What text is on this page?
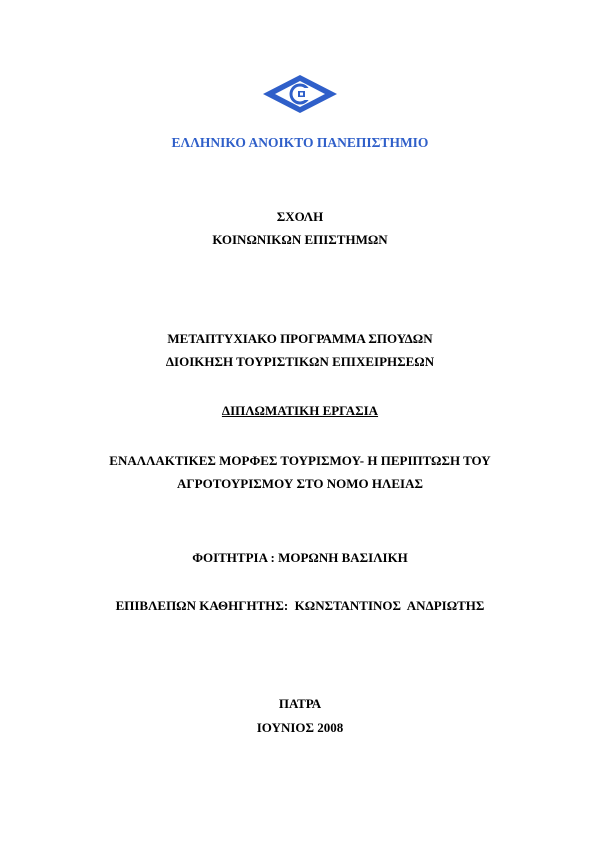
ΕΛΛΗΝΙΚΟ ΑΝΟΙΚΤΟ ΠΑΝΕΠΙΣΤΗΜΙΟ
ΣΧΟΛΗ
ΚΟΙΝΩΝΙΚΩΝ ΕΠΙΣΤΗΜΩΝ
ΜΕΤΑΠΤΥΧΙΑΚΟ ΠΡΟΓΡΑΜΜΑ ΣΠΟΥΔΩΝ
ΔΙΟΙΚΗΣΗ ΤΟΥΡΙΣΤΙΚΩΝ ΕΠΙΧΕΙΡΗΣΕΩΝ
ΔΙΠΛΩΜΑΤΙΚΗ ΕΡΓΑΣΙΑ
ΕΝΑΛΛΑΚΤΙΚΕΣ ΜΟΡΦΕΣ ΤΟΥΡΙΣΜΟΥ- Η ΠΕΡΙΠΤΩΣΗ ΤΟΥ
ΑΓΡΟΤΟΥΡΙΣΜΟΥ ΣΤΟ ΝΟΜΟ ΗΛΕΙΑΣ
ΦΟΙΤΗΤΡΙΑ : ΜΟΡΩΝΗ ΒΑΣΙΛΙΚΗ
ΕΠΙΒΛΕΠΩΝ ΚΑΘΗΓΗΤΗΣ:  ΚΩΝΣΤΑΝΤΙΝΟΣ  ΑΝΔΡΙΩΤΗΣ
ΠΑΤΡΑ
ΙΟΥΝΙΟΣ 2008
